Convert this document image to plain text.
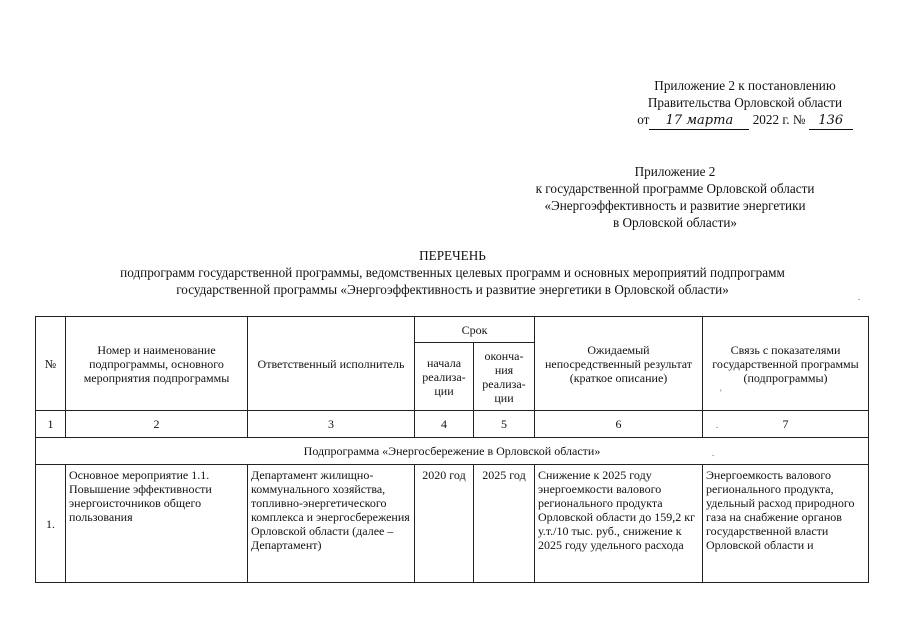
Приложение 2 к постановлению
Правительства Орловской области
от 17 марта 2022 г. № 136
Приложение 2
к государственной программе Орловской области
«Энергоэффективность и развитие энергетики
в Орловской области»
ПЕРЕЧЕНЬ
подпрограмм государственной программы, ведомственных целевых программ и основных мероприятий подпрограмм
государственной программы «Энергоэффективность и развитие энергетики в Орловской области»
№	Номер и наименование подпрограммы, основного мероприятия подпрограммы	Ответственный исполнитель	Срок		Ожидаемый непосредственный результат (краткое описание)	Связь с показателями государственной программы (подпрограммы)
			начала реализа-ции	оконча-ния реализа-ции		
1	2	3	4	5	6	7
Подпрограмма «Энергосбережение в Орловской области»						
1.	Основное мероприятие 1.1. Повышение эффективности энергоисточников общего пользования	Департамент жилищно-коммунального хозяйства, топливно-энергетического комплекса и энергосбережения Орловской области (далее – Департамент)	2020 год	2025 год	Снижение к 2025 году энергоемкости валового регионального продукта Орловской области до 159,2 кг у.т./10 тыс. руб., снижение к 2025 году удельного расхода	Энергоемкость валового регионального продукта, удельный расход природного газа на снабжение органов государственной власти Орловской области и
.
'
.
.
